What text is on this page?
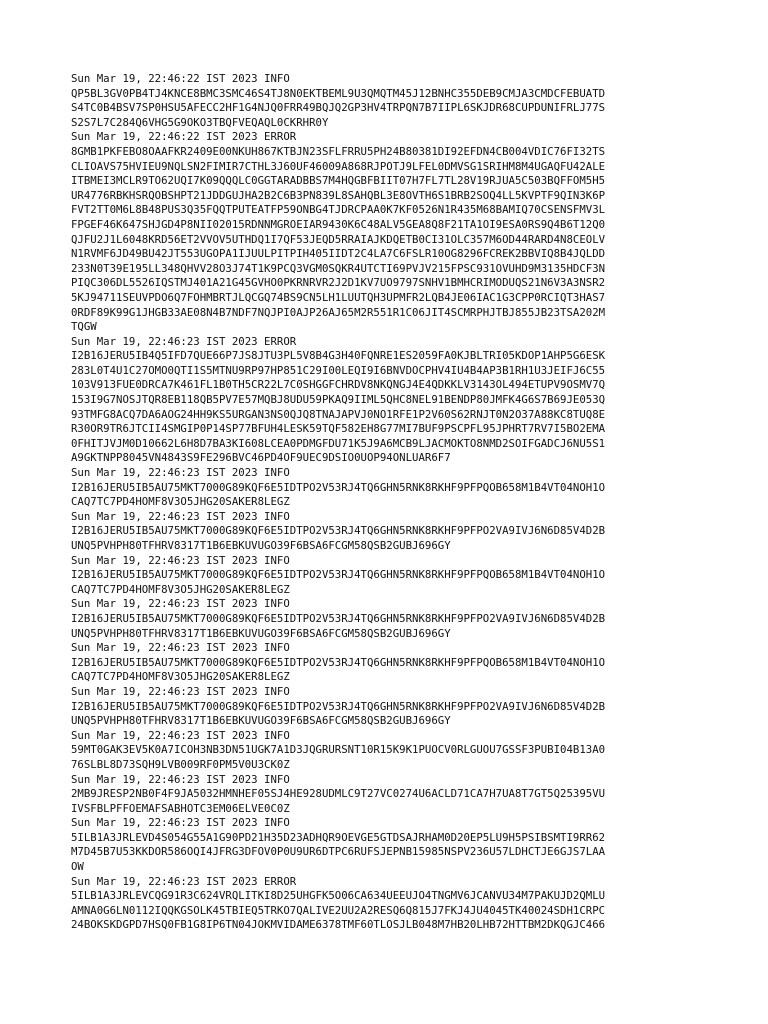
Sun Mar 19, 22:46:22 IST 2023 INFO
QP5BL3GV0PB4TJ4KNCE8BMC3SMC46S4TJ8N0EKTBEML9U3QMQTM45J12BNHC355DEB9CMJA3CMDCFEBUATD
S4TC0B4BSV7SP0HSU5AFECC2HF1G4NJQ0FRR49BQJQ2GP3HV4TRPQN7B7IIPL6SKJDR68CUPDUNIFRLJ77S
S2S7L7C284Q6VHG5G9OKO3TBQFVEQAQL0CKRHR0Y
Sun Mar 19, 22:46:22 IST 2023 ERROR
8GMB1PKFEBO8OAAFKR2409E00NKUH867KTBJN23SFLFRRU5PH24B80381DI92EFDN4CB004VDIC76FI32TS
CLIOAVS75HVIEU9NQLSN2FIMIR7CTHL3J60UF46009A868RJPOTJ9LFEL0DMVSG1SRIHM8M4UGAQFU42ALE
ITBMEI3MCLR9TO62UQI7K09QQQLC0GGTARADBBS7M4HQGBFBIIT07H7FL7TL28V19RJUA5C503BQFFOM5H5
UR4776RBKHSRQOBSHPT21JDDGUJHA2B2C6B3PN839L8SAHQBL3E8OVTH6S1BRB2SOQ4LL5KVPTF9QIN3K6P
FVT2TT0M6L8B48PUS3Q35FQQTPUTEATFP59ONBG4TJDRCPAA0K7KF0526N1R435M68BAMIQ70CSENSFMV3L
FPGEF46K647SHJGD4P8NII02015RDNNMGROEIAR9430K6C48ALV5GEA8Q8F21TA1OI9ESA0RS9Q4B6T12Q0
QJFU2J1L6048KRD56ET2VVOV5UTHDQ1I7QF53JEQD5RRAIAJKDQETB0CI31OLC357M6OD44RARD4N8CEOLV
N1RVMF6JD49BU42JT553UGOPA1IJUULPITPIH405IIDT2C4LA7C6FSLR10OG8296FCREK2BBVIQ8B4JQLDD
233N0T39E195LL348QHVV28O3J74T1K9PCQ3VGM0SQKR4UTCTI69PVJV215FPSC931OVUHD9M3135HDCF3N
PIQC306DL5526IQSTMJ401A21G45GVHO0PKRNRVR2J2D1KV7UO9797SNHV1BMHCRIMODUQS21N6V3A3NSR2
5KJ94711SEUVPDO6Q7FOHMBRTJLQCGQ74BS9CN5LH1LUUTQH3UPMFR2LQB4JE06IAC1G3CPP0RCIQT3HAS7
0RDF89K99G1JHGB33AE08N4B7NDF7NQJPI0AJP26AJ65M2R551R1C06JIT4SCMRPHJTBJ855JB23TSA202M
TQGW
Sun Mar 19, 22:46:23 IST 2023 ERROR
I2B16JERU5IB4Q5IFD7QUE66P7JS8JTU3PL5V8B4G3H40FQNRE1ES2059FA0KJBLTRI05KDOP1AHP5G6ESK
283L0T4U1C27OMO0QTI1S5MTNU9RP97HP851C29I00LEQI9I6BNVDOCPHV4IU4B4AP3B1RH1U3JEIFJ6C55
103V913FUE0DRCA7K461FL1B0TH5CR22L7C0SHGGFCHRDV8NKQNGJ4E4QDKKLV3143OL494ETUPV9OSMV7Q
153I9G7NOSJTQR8EB118QB5PV7E57MQBJ8UDU59PKAQ9IIML5QHC8NEL91BENDP80JMFK4G6S7B69JE053Q
93TMFG8ACQ7DA6AOG24HH9KS5URGAN3NS0QJQ8TNAJAPVJ0NO1RFE1P2V60S62RNJT0N2O37A88KC8TUQ8E
R30OR9TR6JTCII4SMGIP0P14SP77BFUH4LESK59TQF582EH8G77MI7BUF9PSCPFL95JPHRT7RV7I5BO2EMA
0FHITJVJM0D10662L6H8D7BA3KI608LCEA0PDMGFDU71K5J9A6MCB9LJACMOKTO8NMD2SOIFGADCJ6NU5S1
A9GKTNPP8045VN4843S9FE296BVC46PD4OF9UEC9DSIO0UOP94ONLUAR6F7
Sun Mar 19, 22:46:23 IST 2023 INFO
I2B16JERU5IB5AU75MKT7000G89KQF6E5IDTPO2V53RJ4TQ6GHN5RNK8RKHF9PFPQOB658M1B4VT04NOH1O
CAQ7TC7PD4HOMF8V3O5JHG20SAKER8LEGZ
Sun Mar 19, 22:46:23 IST 2023 INFO
I2B16JERU5IB5AU75MKT7000G89KQF6E5IDTPO2V53RJ4TQ6GHN5RNK8RKHF9PFPO2VA9IVJ6N6D85V4D2B
UNQ5PVHPH80TFHRV8317T1B6EBKUVUGO39F6BSA6FCGM58QSB2GUBJ696GY
Sun Mar 19, 22:46:23 IST 2023 INFO
I2B16JERU5IB5AU75MKT7000G89KQF6E5IDTPO2V53RJ4TQ6GHN5RNK8RKHF9PFPQOB658M1B4VT04NOH1O
CAQ7TC7PD4HOMF8V3O5JHG20SAKER8LEGZ
Sun Mar 19, 22:46:23 IST 2023 INFO
I2B16JERU5IB5AU75MKT7000G89KQF6E5IDTPO2V53RJ4TQ6GHN5RNK8RKHF9PFPO2VA9IVJ6N6D85V4D2B
UNQ5PVHPH80TFHRV8317T1B6EBKUVUGO39F6BSA6FCGM58QSB2GUBJ696GY
Sun Mar 19, 22:46:23 IST 2023 INFO
I2B16JERU5IB5AU75MKT7000G89KQF6E5IDTPO2V53RJ4TQ6GHN5RNK8RKHF9PFPQOB658M1B4VT04NOH1O
CAQ7TC7PD4HOMF8V3O5JHG20SAKER8LEGZ
Sun Mar 19, 22:46:23 IST 2023 INFO
I2B16JERU5IB5AU75MKT7000G89KQF6E5IDTPO2V53RJ4TQ6GHN5RNK8RKHF9PFPO2VA9IVJ6N6D85V4D2B
UNQ5PVHPH80TFHRV8317T1B6EBKUVUGO39F6BSA6FCGM58QSB2GUBJ696GY
Sun Mar 19, 22:46:23 IST 2023 INFO
59MT0GAK3EV5K0A7ICOH3NB3DN51UGK7A1D3JQGRURSNT10R15K9K1PUOCV0RLGUOU7GSSF3PUBI04B13A0
76SLBL8D73SQH9LVB009RF0PM5V0U3CK0Z
Sun Mar 19, 22:46:23 IST 2023 INFO
2MB9JRESP2NB0F4F9JA5032HMNHEF05SJ4HE928UDMLC9T27VC0274U6ACLD71CA7H7UA8T7GT5Q25395VU
IVSFBLPFFOEMAFSABHOTC3EM06ELVE0C0Z
Sun Mar 19, 22:46:23 IST 2023 INFO
5ILB1A3JRLEVD4S054G55A1G90PD21H35D23ADHQR9OEVGE5GTDSAJRHAM0D20EP5LU9H5PSIBSMTI9RR62
M7D45B7U53KKDOR586OQI4JFRG3DFOV0P0U9UR6DTPC6RUFSJEPNB15985NSPV236U57LDHCTJE6GJS7LAA
OW
Sun Mar 19, 22:46:23 IST 2023 ERROR
5ILB1A3JRLEVCQG91R3C624VRQLITKI8D25UHGFK5O06CA634UEEUJO4TNGMV6JCANVU34M7PAKUJD2QMLU
AMNA0G6LN0112IQQKGSOLK45TBIEQ5TRKO7QALIVE2UU2A2RESQ6Q815J7FKJ4JU4045TK40024SDH1CRPC
24BOKSKDGPD7HSQ0FB1G8IP6TN04JOKMVIDAME6378TMF60TLOSJLB048M7HB20LHB72HTTBM2DKQGJC466
